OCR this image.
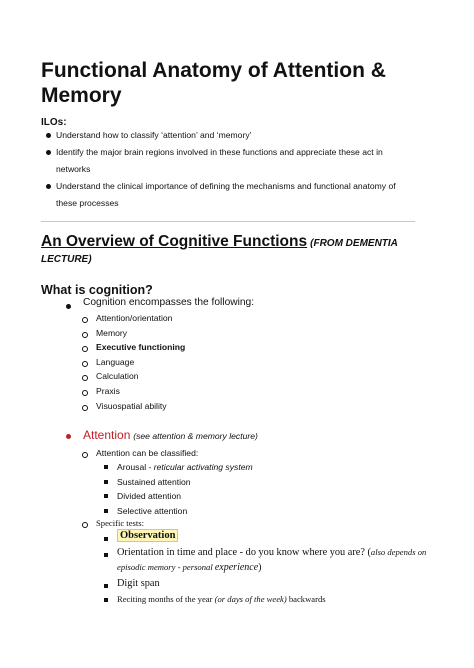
Functional Anatomy of Attention & Memory
ILOs:
Understand how to classify ‘attention’ and ‘memory’
Identify the major brain regions involved in these functions and appreciate these act in networks
Understand the clinical importance of defining the mechanisms and functional anatomy of these processes
An Overview of Cognitive Functions (FROM DEMENTIA
LECTURE)
What is cognition?
Cognition encompasses the following:
Attention/orientation
Memory
Executive functioning
Language
Calculation
Praxis
Visuospatial ability
Attention (see attention & memory lecture)
Attention can be classified:
Arousal - reticular activating system
Sustained attention
Divided attention
Selective attention
Specific tests:
Observation
Orientation in time and place - do you know where you are? (also depends on
episodic memory - personal experience)
Digit span
Reciting months of the year (or days of the week) backwards
